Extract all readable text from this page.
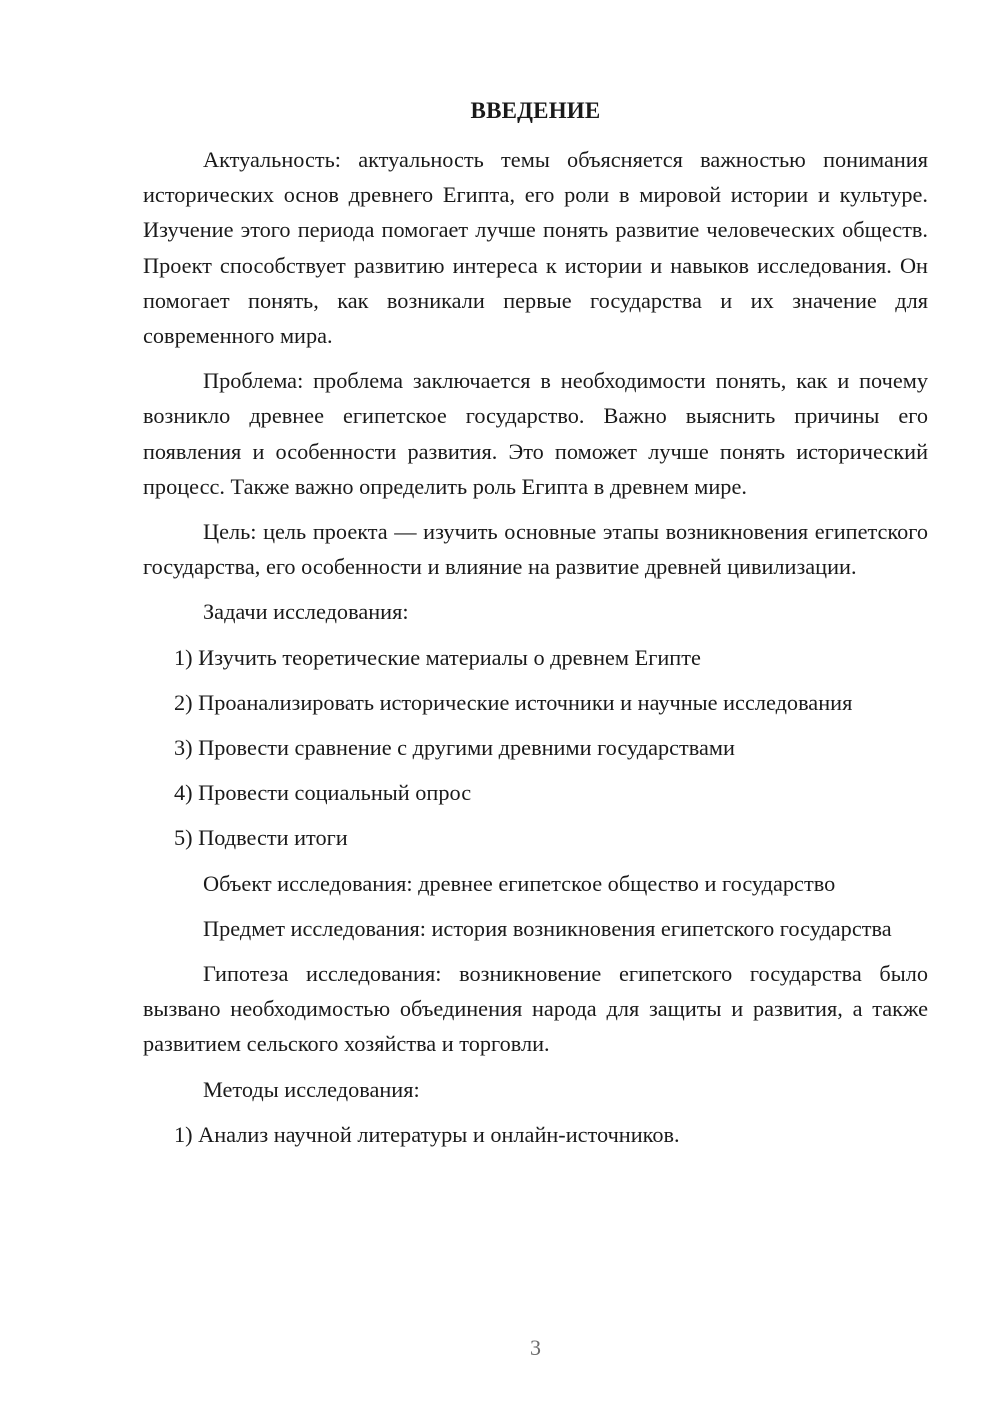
ВВЕДЕНИЕ

Актуальность: актуальность темы объясняется важностью понимания исторических основ древнего Египта, его роли в мировой истории и культуре. Изучение этого периода помогает лучше понять развитие человеческих обществ. Проект способствует развитию интереса к истории и навыков исследования. Он помогает понять, как возникали первые государства и их значение для современного мира.

Проблема: проблема заключается в необходимости понять, как и почему возникло древнее египетское государство. Важно выяснить причины его появления и особенности развития. Это поможет лучше понять исторический процесс. Также важно определить роль Египта в древнем мире.

Цель: цель проекта — изучить основные этапы возникновения египетского государства, его особенности и влияние на развитие древней цивилизации.

Задачи исследования:

1) Изучить теоретические материалы о древнем Египте

2) Проанализировать исторические источники и научные исследования

3) Провести сравнение с другими древними государствами

4) Провести социальный опрос

5) Подвести итоги

Объект исследования: древнее египетское общество и государство

Предмет исследования: история возникновения египетского государства

Гипотеза исследования: возникновение египетского государства было вызвано необходимостью объединения народа для защиты и развития, а также развитием сельского хозяйства и торговли.

Методы исследования:

1) Анализ научной литературы и онлайн-источников.

3
